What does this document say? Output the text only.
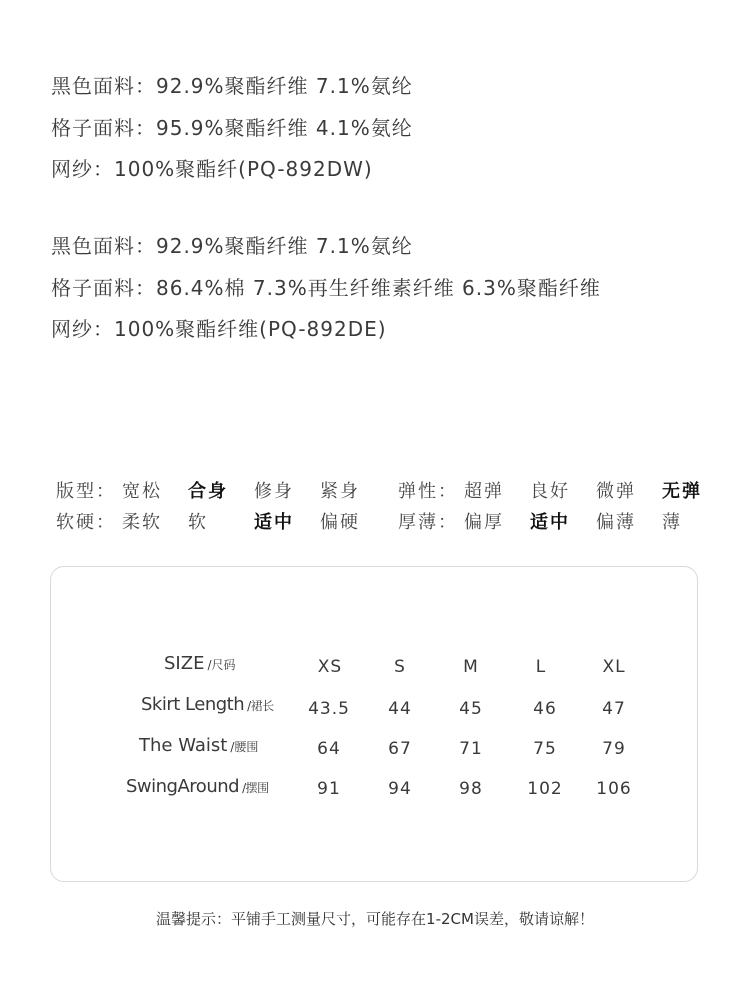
黑色面料：92.9%聚酯纤维 7.1%氨纶
格子面料：95.9%聚酯纤维 4.1%氨纶
网纱：100%聚酯纤(PQ-892DW)
黑色面料：92.9%聚酯纤维 7.1%氨纶
格子面料：86.4%棉 7.3%再生纤维素纤维 6.3%聚酯纤维
网纱：100%聚酯纤维(PQ-892DE)
版型： 宽松 合身 修身 紧身 弹性： 超弹 良好 微弹 无弹
软硬： 柔软 软	适中 偏硬 厚薄： 偏厚 适中 偏薄 薄
SIZE /尺码	XS	S	M	L	XL
Skirt Length /裙长 43.5 44	45	46	47
The Waist /腰围	64	67	71	75	79
SwingAround /摆围	91	94	98	102 106
温馨提示：平铺手工测量尺寸，可能存在1-2CM误差，敬请谅解！
